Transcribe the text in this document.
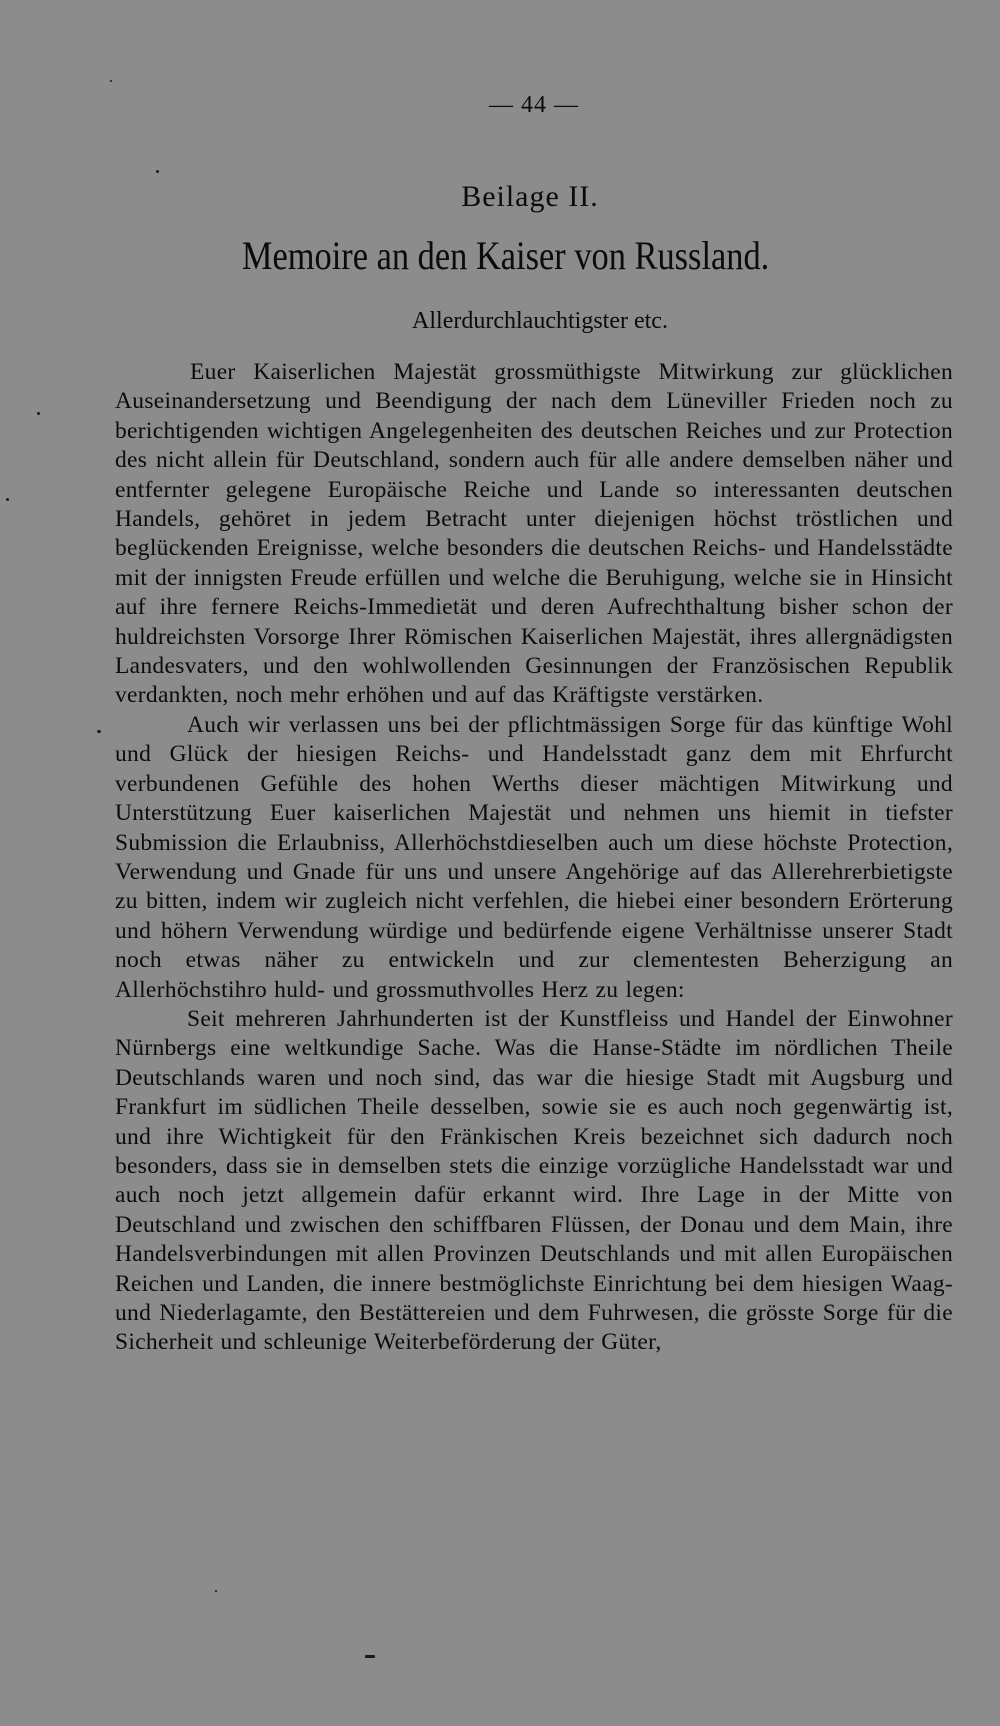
— 44 —
Beilage II.
Memoire an den Kaiser von Russland.
Allerdurchlauchtigster etc.

Euer Kaiserlichen Majestät grossmüthigste Mitwirkung zur glücklichen Auseinandersetzung und Beendigung der nach dem Lüneviller Frieden noch zu berichtigenden wichtigen Angelegenheiten des deutschen Reiches und zur Protection des nicht allein für Deutschland, sondern auch für alle andere demselben näher und entfernter gelegene Europäische Reiche und Lande so interessanten deutschen Handels, gehöret in jedem Betracht unter diejenigen höchst tröstlichen und beglückenden Ereignisse, welche besonders die deutschen Reichs- und Handelsstädte mit der innigsten Freude erfüllen und welche die Beruhigung, welche sie in Hinsicht auf ihre fernere Reichs-Immedietät und deren Aufrechthaltung bisher schon der huldreichsten Vorsorge Ihrer Römischen Kaiserlichen Majestät, ihres allergnädigsten Landesvaters, und den wohlwollenden Gesinnungen der Französischen Republik verdankten, noch mehr erhöhen und auf das Kräftigste verstärken.

Auch wir verlassen uns bei der pflichtmässigen Sorge für das künftige Wohl und Glück der hiesigen Reichs- und Handelsstadt ganz dem mit Ehrfurcht verbundenen Gefühle des hohen Werths dieser mächtigen Mitwirkung und Unterstützung Euer kaiserlichen Majestät und nehmen uns hiemit in tiefster Submission die Erlaubniss, Allerhöchstdieselben auch um diese höchste Protection, Verwendung und Gnade für uns und unsere Angehörige auf das Allerehrerbietigste zu bitten, indem wir zugleich nicht verfehlen, die hiebei einer besondern Erörterung und höhern Verwendung würdige und bedürfende eigene Verhältnisse unserer Stadt noch etwas näher zu entwickeln und zur clementesten Beherzigung an Allerhöchstihro huld- und grossmuthvolles Herz zu legen:

Seit mehreren Jahrhunderten ist der Kunstfleiss und Handel der Einwohner Nürnbergs eine weltkundige Sache. Was die Hanse-Städte im nördlichen Theile Deutschlands waren und noch sind, das war die hiesige Stadt mit Augsburg und Frankfurt im südlichen Theile desselben, sowie sie es auch noch gegenwärtig ist, und ihre Wichtigkeit für den Fränkischen Kreis bezeichnet sich dadurch noch besonders, dass sie in demselben stets die einzige vorzügliche Handelsstadt war und auch noch jetzt allgemein dafür erkannt wird. Ihre Lage in der Mitte von Deutschland und zwischen den schiffbaren Flüssen, der Donau und dem Main, ihre Handelsverbindungen mit allen Provinzen Deutschlands und mit allen Europäischen Reichen und Landen, die innere bestmöglichste Einrichtung bei dem hiesigen Waag- und Niederlagamte, den Bestättereien und dem Fuhrwesen, die grösste Sorge für die Sicherheit und schleunige Weiterbeförderung der Güter,
